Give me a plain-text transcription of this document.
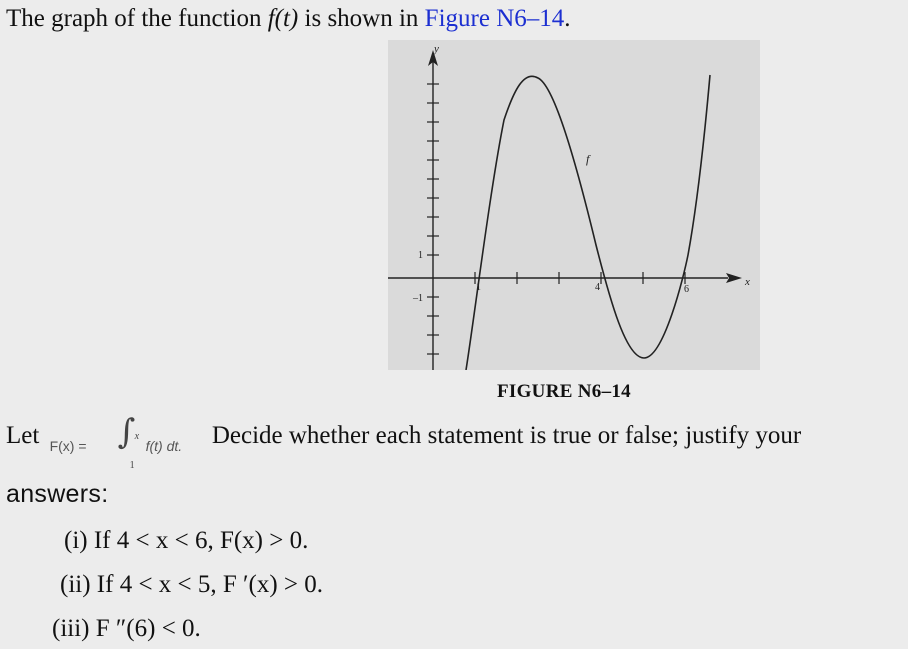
The graph of the function f(t) is shown in Figure N6–14.
y
x
f
1
–1
1	4	6
FIGURE N6–14
Let F(x) = ∫ x
1
f(t) dt. Decide whether each statement is true or false; justify your
answers:
(i) If 4 < x < 6, F(x) > 0.
(ii) If 4 < x < 5, F ′(x) > 0.
(iii) F ″(6) < 0.
